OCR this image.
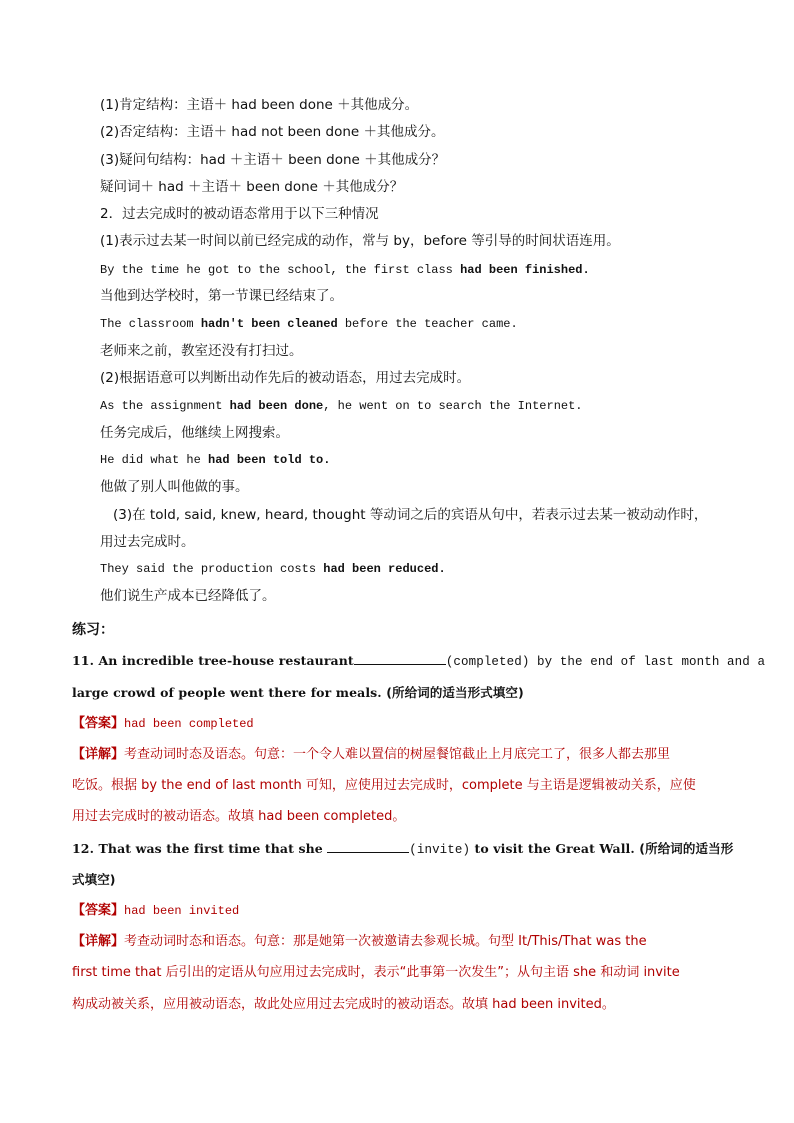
(1)肯定结构：主语＋ had been done ＋其他成分。
(2)否定结构：主语＋ had not been done ＋其他成分。
(3)疑问句结构：had ＋主语＋ been done ＋其他成分？
疑问词＋ had ＋主语＋ been done ＋其他成分？
2．过去完成时的被动语态常用于以下三种情况
(1)表示过去某一时间以前已经完成的动作，常与 by，before 等引导的时间状语连用。
By the time he got to the school, the first class had been finished.
当他到达学校时，第一节课已经结束了。
The classroom hadn't been cleaned before the teacher came.
老师来之前，教室还没有打扫过。
(2)根据语意可以判断出动作先后的被动语态，用过去完成时。
As the assignment had been done, he went on to search the Internet.
任务完成后，他继续上网搜索。
He did what he had been told to.
他做了别人叫他做的事。
(3)在 told, said, knew, heard, thought 等动词之后的宾语从句中，若表示过去某一被动动作时，
用过去完成时。
They said the production costs had been reduced.
他们说生产成本已经降低了。
练习：
11. An incredible tree-house restaurant	(completed) by the end of last month and a
large crowd of people went there for meals. (所给词的适当形式填空)
【答案】had been completed
【详解】考查动词时态及语态。句意：一个令人难以置信的树屋餐馆截止上月底完工了，很多人都去那里
吃饭。根据 by the end of last month 可知，应使用过去完成时，complete 与主语是逻辑被动关系，应使
用过去完成时的被动语态。故填 had been completed。
12. That was the first time that she	(invite) to visit the Great Wall. (所给词的适当形
式填空)
【答案】had been invited
【详解】考查动词时态和语态。句意：那是她第一次被邀请去参观长城。句型 It/This/That was the
first time that 后引出的定语从句应用过去完成时，表示“此事第一次发生”；从句主语 she 和动词 invite
构成动被关系，应用被动语态，故此处应用过去完成时的被动语态。故填 had been invited。
